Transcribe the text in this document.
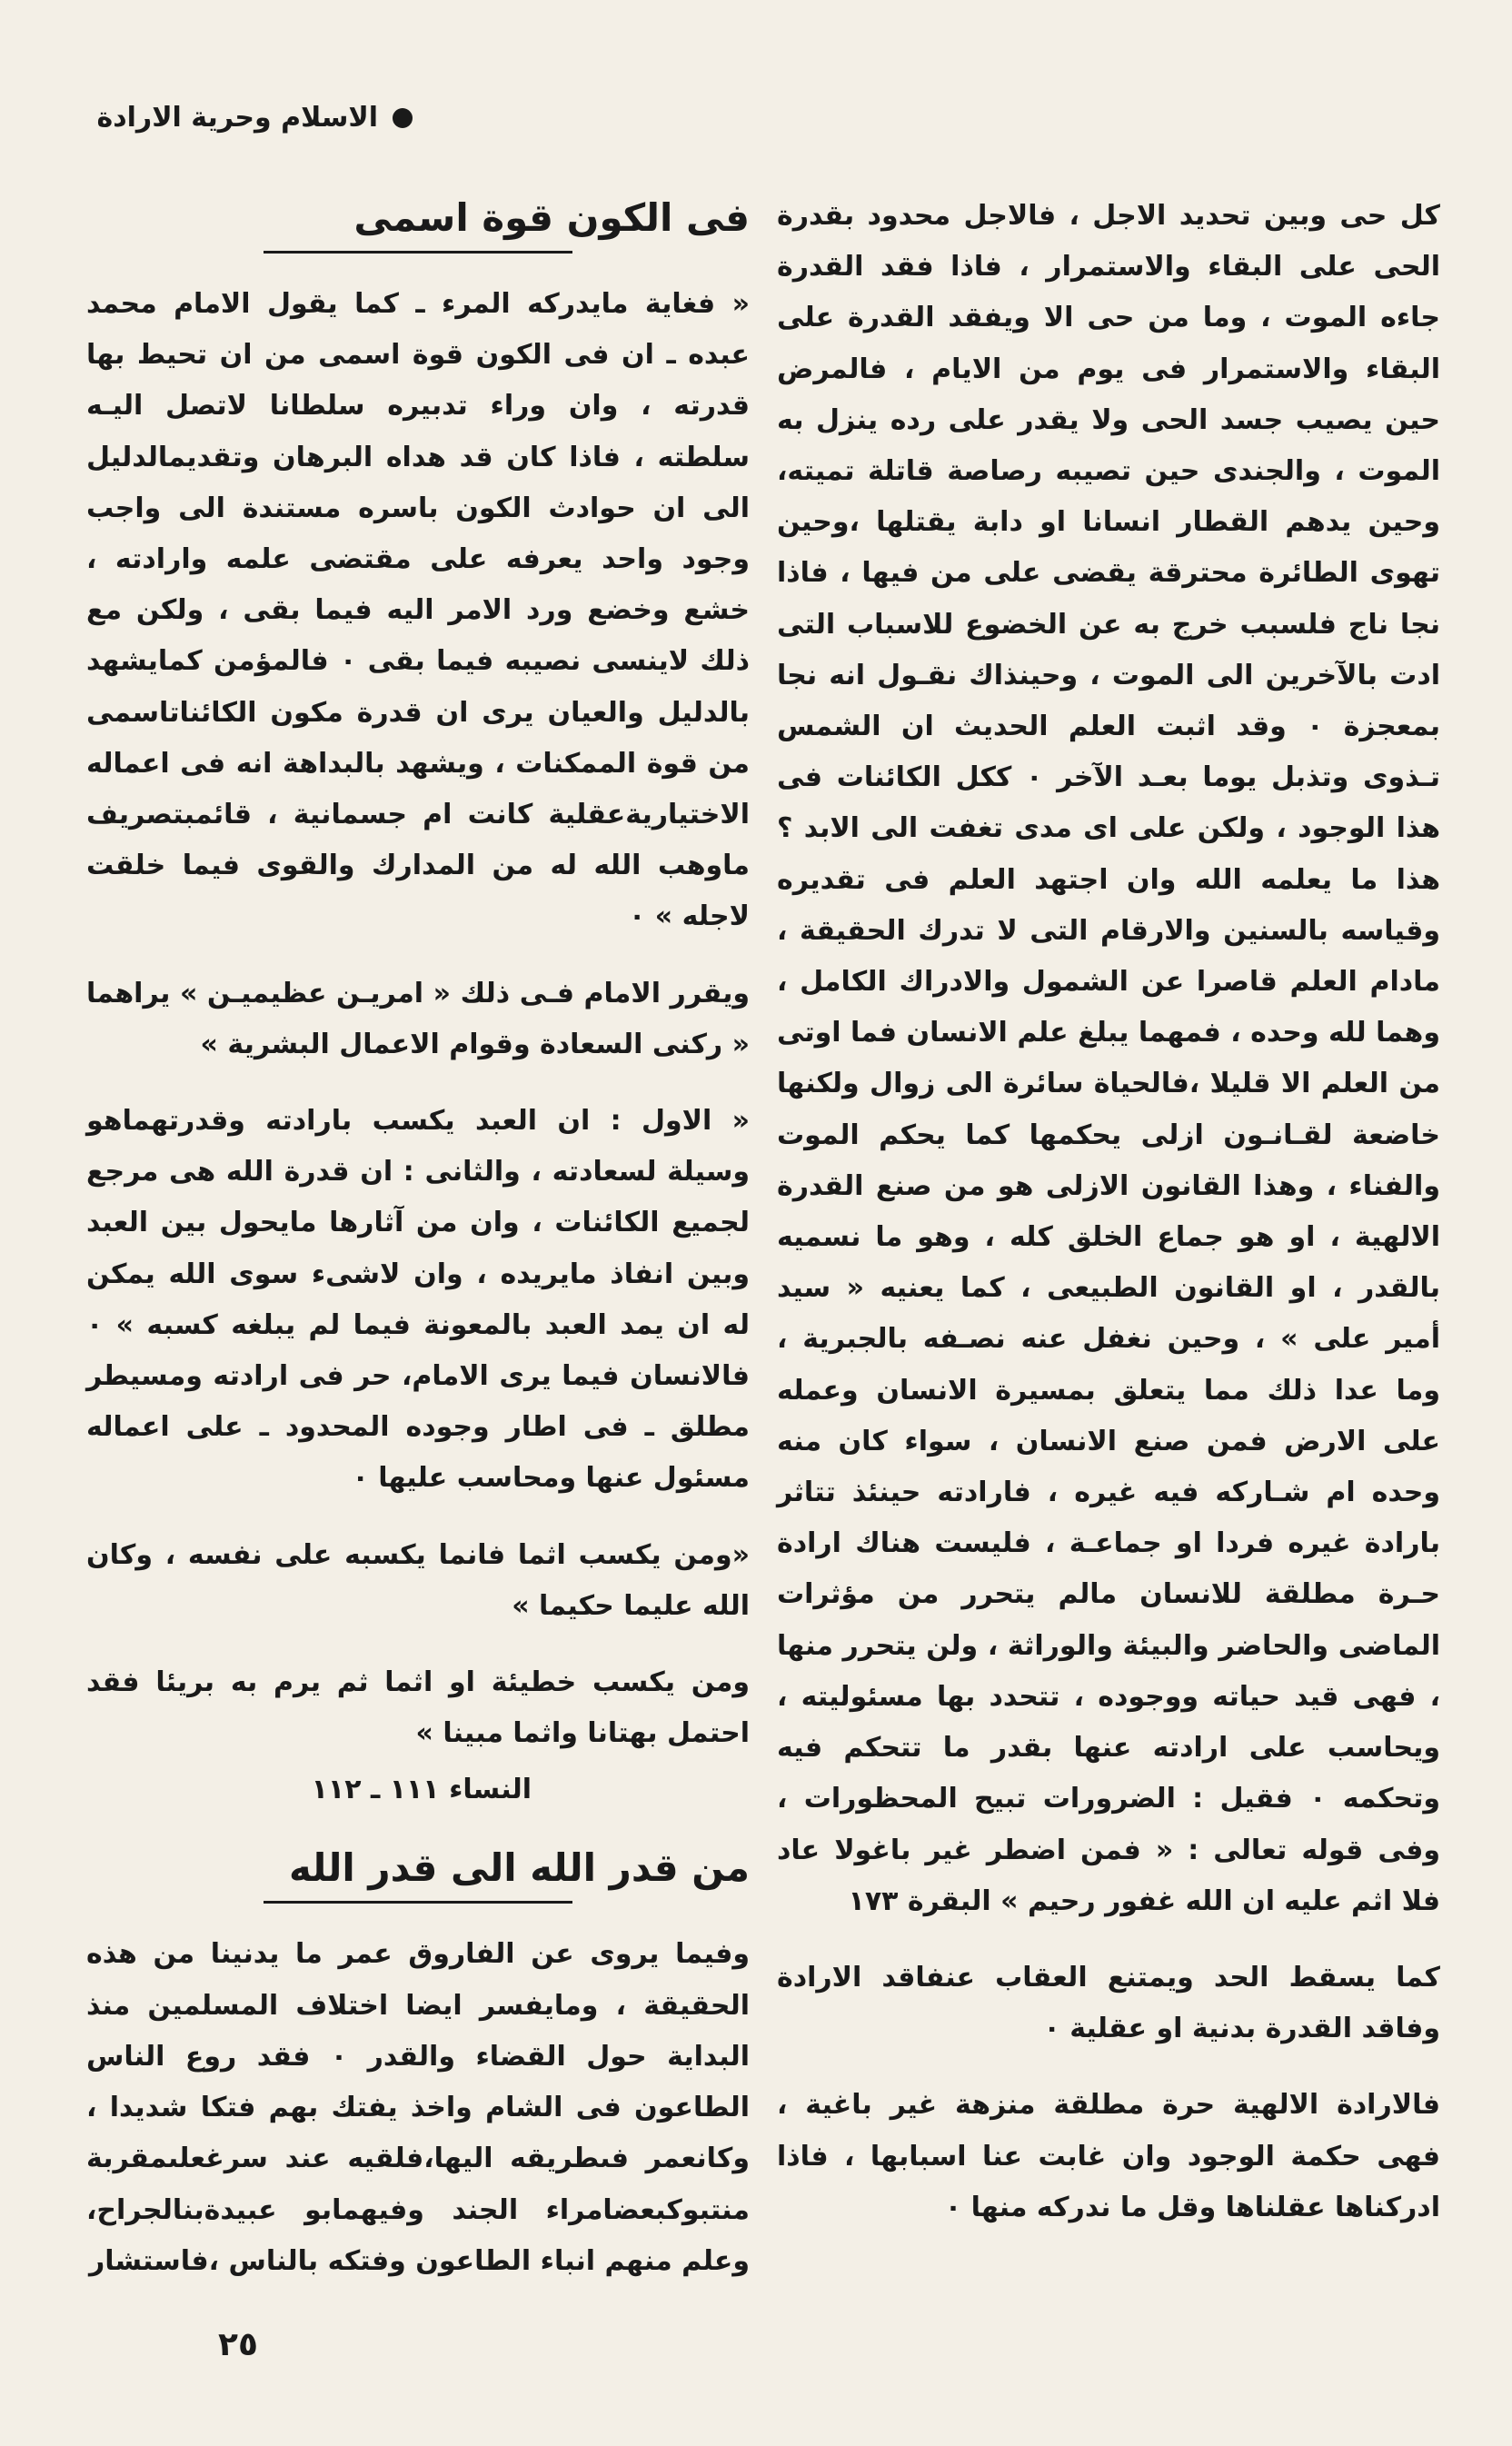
الاسلام وحرية الارادة

كل حى وبين تحديد الاجل ، فالاجل محدود بقدرة الحى على البقاء والاستمرار ، فاذا فقد القدرة جاءه الموت ، وما من حى الا ويفقد القدرة على البقاء والاستمرار فى يوم من الايام ، فالمرض حين يصيب جسد الحى ولا يقدر على رده ينزل به الموت ، والجندى حين تصيبه رصاصة قاتلة تميته، وحين يدهم القطار انسانا او دابة يقتلها ،وحين تهوى الطائرة محترقة يقضى على من فيها ، فاذا نجا ناج فلسبب خرج به عن الخضوع للاسباب التى ادت بالآخرين الى الموت ، وحينذاك نقـول انه نجا بمعجزة ٠ وقد اثبت العلم الحديث ان الشمس تـذوى وتذبل يوما بعـد الآخر ٠ ككل الكائنات فى هذا الوجود ، ولكن على اى مدى تغفت الى الابد ؟ هذا ما يعلمه الله وان اجتهد العلم فى تقديره وقياسه بالسنين والارقام التى لا تدرك الحقيقة ، مادام العلم قاصرا عن الشمول والادراك الكامل ، وهما لله وحده ، فمهما يبلغ علم الانسان فما اوتى من العلم الا قليلا ،فالحياة سائرة الى زوال ولكنها خاضعة لقـانـون ازلى يحكمها كما يحكم الموت والفناء ، وهذا القانون الازلى هو من صنع القدرة الالهية ، او هو جماع الخلق كله ، وهو ما نسميه بالقدر ، او القانون الطبيعى ، كما يعنيه « سيد أمير على » ، وحين نغفل عنه نصـفه بالجبرية ، وما عدا ذلك مما يتعلق بمسيرة الانسان وعمله على الارض فمن صنع الانسان ، سواء كان منه وحده ام شـاركه فيه غيره ، فارادته حينئذ تتاثر بارادة غيره فردا او جماعـة ، فليست هناك ارادة حـرة مطلقة للانسان مالم يتحرر من مؤثرات الماضى والحاضر والبيئة والوراثة ، ولن يتحرر منها ، فهى قيد حياته ووجوده ، تتحدد بها مسئوليته ، ويحاسب على ارادته عنها بقدر ما تتحكم فيه وتحكمه ٠ فقيل : الضرورات تبيح المحظورات ، وفى قوله تعالى : « فمن اضطر غير باغولا عاد فلا اثم عليه ان الله غفور رحيم » البقرة ١٧٣

كما يسقط الحد ويمتنع العقاب عنفاقد الارادة وفاقد القدرة بدنية او عقلية ٠

فالارادة الالهية حرة مطلقة منزهة غير باغية ، فهى حكمة الوجود وان غابت عنا اسبابها ، فاذا ادركناها عقلناها وقل ما ندركه منها ٠

فى الكون قوة اسمى

« فغاية مايدركه المرء ـ كما يقول الامام محمد عبده ـ ان فى الكون قوة اسمى من ان تحيط بها قدرته ، وان وراء تدبيره سلطانا لاتصل اليـه سلطته ، فاذا كان قد هداه البرهان وتقديمالدليل الى ان حوادث الكون باسره مستندة الى واجب وجود واحد يعرفه على مقتضى علمه وارادته ، خشع وخضع ورد الامر اليه فيما بقى ، ولكن مع ذلك لاينسى نصيبه فيما بقى ٠ فالمؤمن كمايشهد بالدليل والعيان يرى ان قدرة مكون الكائناتاسمى من قوة الممكنات ، ويشهد بالبداهة انه فى اعماله الاختياريةعقلية كانت ام جسمانية ، قائمبتصريف ماوهب الله له من المدارك والقوى فيما خلقت لاجله » ٠

ويقرر الامام فـى ذلك « امريـن عظيميـن » يراهما « ركنى السعادة وقوام الاعمال البشرية »

« الاول : ان العبد يكسب بارادته وقدرتهماهو وسيلة لسعادته ، والثانى : ان قدرة الله هى مرجع لجميع الكائنات ، وان من آثارها مايحول بين العبد وبين انفاذ مايريده ، وان لاشىء سوى الله يمكن له ان يمد العبد بالمعونة فيما لم يبلغه كسبه » ٠ فالانسان فيما يرى الامام، حر فى ارادته ومسيطر مطلق ـ فى اطار وجوده المحدود ـ على اعماله مسئول عنها ومحاسب عليها ٠

«ومن يكسب اثما فانما يكسبه على نفسه ، وكان الله عليما حكيما »

ومن يكسب خطيئة او اثما ثم يرم به بريئا فقد احتمل بهتانا واثما مبينا »

النساء ١١١ ـ ١١٢

من قدر الله الى قدر الله

وفيما يروى عن الفاروق عمر ما يدنينا من هذه الحقيقة ، ومايفسر ايضا اختلاف المسلمين منذ البداية حول القضاء والقدر ٠ فقد روع الناس الطاعون فى الشام واخذ يفتك بهم فتكا شديدا ، وكانعمر فىطريقه اليها،فلقيه عند سرغعلىمقربة منتبوكبعضامراء الجند وفيهمابو عبيدةبنالجراح، وعلم منهم انباء الطاعون وفتكه بالناس ،فاستشار

٢٥
